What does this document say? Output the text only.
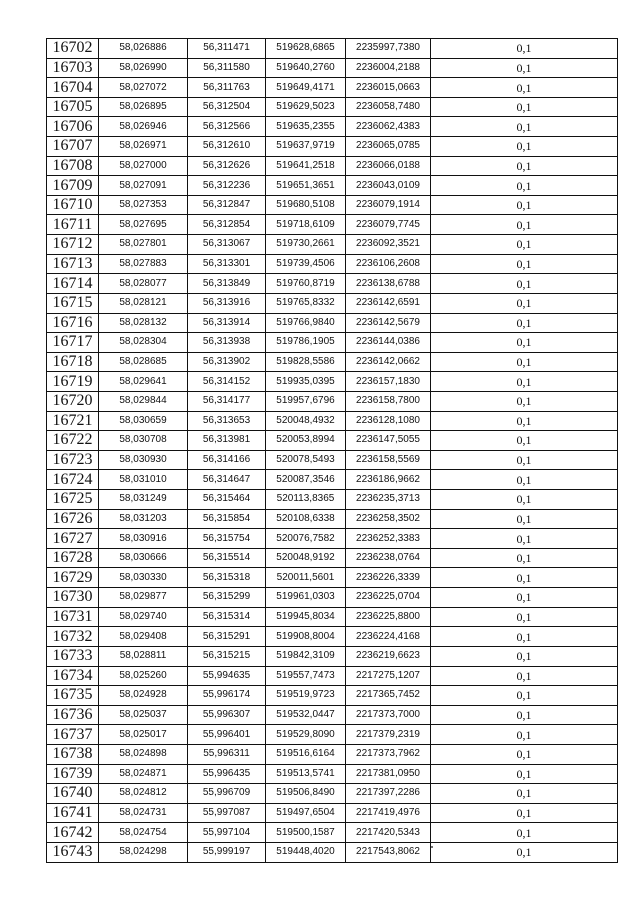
16702	58,026886	56,311471	519628,6865	2235997,7380	0,1
16703	58,026990	56,311580	519640,2760	2236004,2188	0,1
16704	58,027072	56,311763	519649,4171	2236015,0663	0,1
16705	58,026895	56,312504	519629,5023	2236058,7480	0,1
16706	58,026946	56,312566	519635,2355	2236062,4383	0,1
16707	58,026971	56,312610	519637,9719	2236065,0785	0,1
16708	58,027000	56,312626	519641,2518	2236066,0188	0,1
16709	58,027091	56,312236	519651,3651	2236043,0109	0,1
16710	58,027353	56,312847	519680,5108	2236079,1914	0,1
16711	58,027695	56,312854	519718,6109	2236079,7745	0,1
16712	58,027801	56,313067	519730,2661	2236092,3521	0,1
16713	58,027883	56,313301	519739,4506	2236106,2608	0,1
16714	58,028077	56,313849	519760,8719	2236138,6788	0,1
16715	58,028121	56,313916	519765,8332	2236142,6591	0,1
16716	58,028132	56,313914	519766,9840	2236142,5679	0,1
16717	58,028304	56,313938	519786,1905	2236144,0386	0,1
16718	58,028685	56,313902	519828,5586	2236142,0662	0,1
16719	58,029641	56,314152	519935,0395	2236157,1830	0,1
16720	58,029844	56,314177	519957,6796	2236158,7800	0,1
16721	58,030659	56,313653	520048,4932	2236128,1080	0,1
16722	58,030708	56,313981	520053,8994	2236147,5055	0,1
16723	58,030930	56,314166	520078,5493	2236158,5569	0,1
16724	58,031010	56,314647	520087,3546	2236186,9662	0,1
16725	58,031249	56,315464	520113,8365	2236235,3713	0,1
16726	58,031203	56,315854	520108,6338	2236258,3502	0,1
16727	58,030916	56,315754	520076,7582	2236252,3383	0,1
16728	58,030666	56,315514	520048,9192	2236238,0764	0,1
16729	58,030330	56,315318	520011,5601	2236226,3339	0,1
16730	58,029877	56,315299	519961,0303	2236225,0704	0,1
16731	58,029740	56,315314	519945,8034	2236225,8800	0,1
16732	58,029408	56,315291	519908,8004	2236224,4168	0,1
16733	58,028811	56,315215	519842,3109	2236219,6623	0,1
16734	58,025260	55,994635	519557,7473	2217275,1207	0,1
16735	58,024928	55,996174	519519,9723	2217365,7452	0,1
16736	58,025037	55,996307	519532,0447	2217373,7000	0,1
16737	58,025017	55,996401	519529,8090	2217379,2319	0,1
16738	58,024898	55,996311	519516,6164	2217373,7962	0,1
16739	58,024871	55,996435	519513,5741	2217381,0950	0,1
16740	58,024812	55,996709	519506,8490	2217397,2286	0,1
16741	58,024731	55,997087	519497,6504	2217419,4976	0,1
16742	58,024754	55,997104	519500,1587	2217420,5343	0,1
16743	58,024298	55,999197	519448,4020	2217543,8062	0,1
